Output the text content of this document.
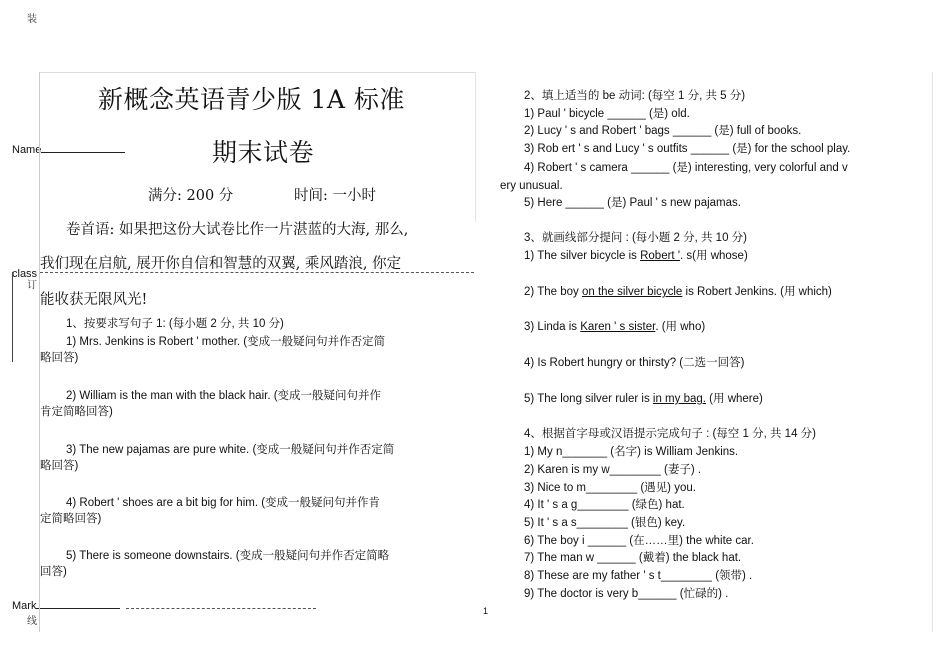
装
订
线
Name
class
Mark
新概念英语青少版 1A 标准
期末试卷
满分: 200 分	时间: 一小时
卷首语: 如果把这份大试卷比作一片湛蓝的大海, 那么,
我们现在启航, 展开你自信和智慧的双翼, 乘风踏浪, 你定
能收获无限风光!
1、按要求写句子 1: (每小题 2 分, 共 10 分)
1) Mrs. Jenkins is Robert ' mother. (变成一般疑问句并作否定简
略回答)
2) William is the man with the black hair. (变成一般疑问句并作
肯定简略回答)
3) The new pajamas are pure white. (变成一般疑问句并作否定简
略回答)
4) Robert ' shoes are a bit big for him. (变成一般疑问句并作肯
定简略回答)
5) There is someone downstairs. (变成一般疑问句并作否定简略
回答)
2、填上适当的 be 动词: (每空 1 分, 共 5 分)
1) Paul ' bicycle ______ (是) old.
2) Lucy ' s and Robert ' bags ______ (是) full of books.
3) Rob ert ' s and Lucy ' s outfits ______ (是) for the school play.
4) Robert ' s camera ______ (是) interesting, very colorful and v
ery unusual.
5) Here ______ (是) Paul ' s new pajamas.
3、就画线部分提问 : (每小题 2 分, 共 10 分)
1) The silver bicycle is Robert '. s(用 whose)
2) The boy on the silver bicycle is Robert Jenkins. (用 which)
3) Linda is Karen ' s sister. (用 who)
4) Is Robert hungry or thirsty? (二选一回答)
5) The long silver ruler is in my bag. (用 where)
4、根据首字母或汉语提示完成句子 : (每空 1 分, 共 14 分)
1) My n_______ (名字) is William Jenkins.
2) Karen is my w________ (妻子) .
3) Nice to m________ (遇见) you.
4) It ' s a g________ (绿色) hat.
5) It ' s a s________ (银色) key.
6) The boy i ______ (在……里) the white car.
7) The man w ______ (戴着) the black hat.
8) These are my father ' s t________ (领带) .
9) The doctor is very b______ (忙碌的) .
1
